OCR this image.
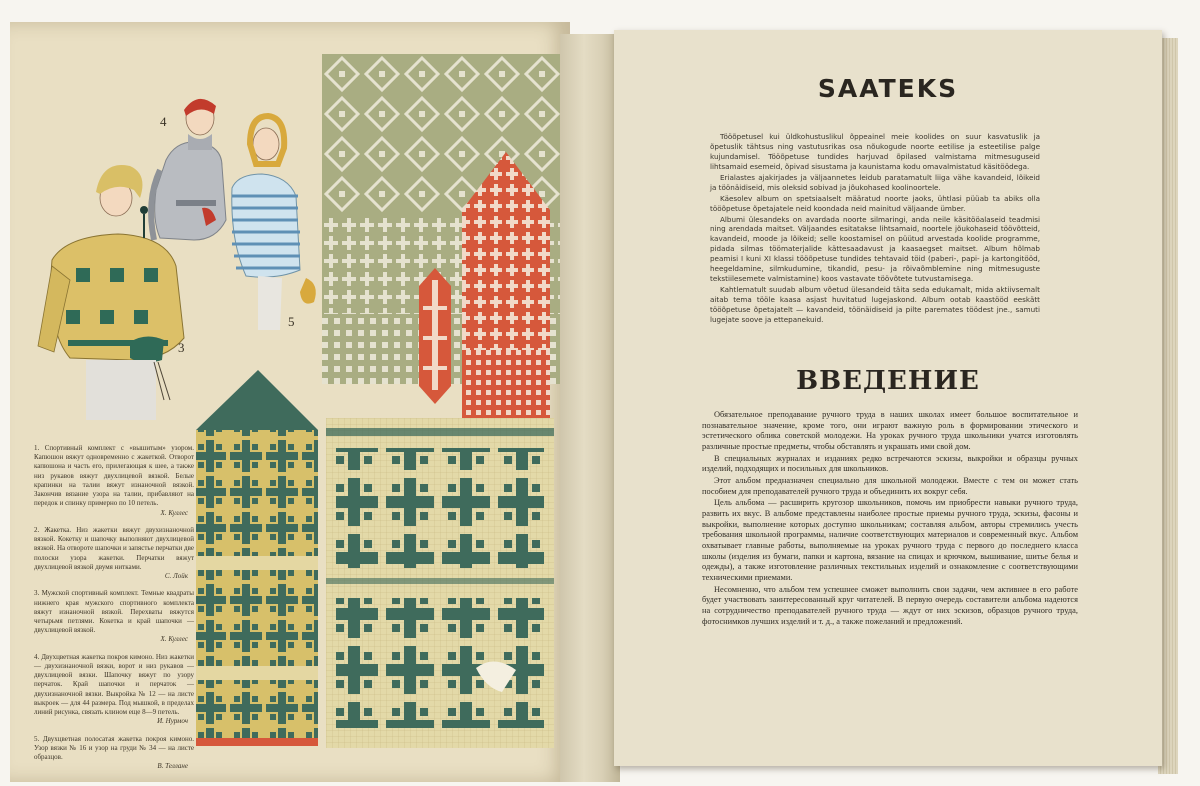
4
3
5
1. Спортивный комплект с «вышитым» узором. Капюшон вяжут одновременно с жакеткой. Отворот капюшона и часть его, прилегающая к шее, а также низ рукавов вяжут двухлицевой вязкой. Белые крапинки на талии вяжут изнаночной вязкой. Закончив вязание узора на талии, прибавляют на передок и спинку примерно по 10 петель.
Х. Куллес
2. Жакетка. Низ жакетки вяжут двухизнаночной вязкой. Кокетку и шапочку выполняют двухлицевой вязкой. На отвороте шапочки и запястье перчатки две полоски узора жакетки. Перчатки вяжут двухлицевой вязкой двумя нитками.
С. Лойк
3. Мужской спортивный комплект. Темные квадраты нижнего края мужского спортивного комплекта вяжут изнаночной вязкой. Перехваты вяжутся четырьмя петлями. Кокетка и край шапочки — двухлицевой вязкой.
Х. Куллес
4. Двухцветная жакетка покроя кимоно. Низ жакетки — двухизнаночной вязки, ворот и низ рукавов — двухлицевой вязки. Шапочку вяжут по узору перчаток. Край шапочки и перчаток — двухизнаночной вязки. Выкройка № 12 — на листе выкроек — для 44 размера. Под мышкой, в пределах линий рисунка, связать клином еще 8—9 петель.
И. Нурмоч
5. Двухцветная полосатая жакетка покроя кимоно. Узор вязки № 16 и узор на груди № 34 — на листе образцов.
В. Теллане
SAATEKS

Tööõpetusel kui üldkohustuslikul õppeainel meie koolides on suur kasvatuslik ja õpetuslik tähtsus ning vastutusrikas osa nõukogude noorte eetilise ja esteetilise palge kujundamisel. Tööõpetuse tundides harjuvad õpilased valmistama mitmesuguseid lihtsamaid esemeid, õpivad sisustama ja kaunistama kodu omavalmistatud käsitöödega.

Erialastes ajakirjades ja väljaannetes leidub paratamatult liiga vähe kavandeid, lõikeid ja töönäidiseid, mis oleksid sobivad ja jõukohased koolinoortele.

Käesolev album on spetsiaalselt määratud noorte jaoks, ühtlasi püüab ta abiks olla tööõpetuse õpetajatele neid koondada neid mainitud väljaande ümber.

Albumi ülesandeks on avardada noorte silmaringi, anda neile käsitööalaseid teadmisi ning arendada maitset. Väljaandes esitatakse lihtsamaid, noortele jõukohaseid töövõtteid, kavandeid, moode ja lõikeid; selle koostamisel on püütud arvestada koolide programme, pidada silmas töömaterjalide kättesaadavust ja kaasaegset maitset. Album hõlmab peamisi I kuni XI klassi tööõpetuse tundides tehtavaid töid (paberi-, papi- ja kartongitööd, heegeldamine, silmkudumine, tikandid, pesu- ja rõivaõmblemine ning mitmesuguste tekstiilesemete valmistamine) koos vastavate töövõtete tutvustamisega.

Kahtlematult suudab album võetud ülesandeid täita seda edukamalt, mida aktiivsemalt aitab tema tööle kaasa asjast huvitatud lugejaskond. Album ootab kaastööd eeskätt tööõpetuse õpetajatelt — kavandeid, töönäidiseid ja pilte paremates töödest jne., samuti lugejate soove ja ettepanekuid.

ВВЕДЕНИЕ

Обязательное преподавание ручного труда в наших школах имеет большое воспитательное и познавательное значение, кроме того, они играют важную роль в формировании этического и эстетического облика советской молодежи. На уроках ручного труда школьники учатся изготовлять различные простые предметы, чтобы обставлять и украшать ими свой дом.

В специальных журналах и изданиях редко встречаются эскизы, выкройки и образцы ручных изделий, подходящих и посильных для школьников.

Этот альбом предназначен специально для школьной молодежи. Вместе с тем он может стать пособием для преподавателей ручного труда и объединить их вокруг себя.

Цель альбома — расширить кругозор школьников, помочь им приобрести навыки ручного труда, развить их вкус. В альбоме представлены наиболее простые приемы ручного труда, эскизы, фасоны и выкройки, выполнение которых доступно школьникам; составляя альбом, авторы стремились учесть требования школьной программы, наличие соответствующих материалов и современный вкус. Альбом охватывает главные работы, выполняемые на уроках ручного труда с первого до последнего класса школы (изделия из бумаги, папки и картона, вязание на спицах и крючком, вышивание, шитье белья и одежды), а также изготовление различных текстильных изделий и ознакомление с соответствующими техническими приемами.

Несомненно, что альбом тем успешнее сможет выполнить свои задачи, чем активнее в его работе будет участвовать заинтересованный круг читателей. В первую очередь составители альбома надеются на сотрудничество преподавателей ручного труда — ждут от них эскизов, образцов ручного труда, фотоснимков лучших изделий и т. д., а также пожеланий и предложений.
